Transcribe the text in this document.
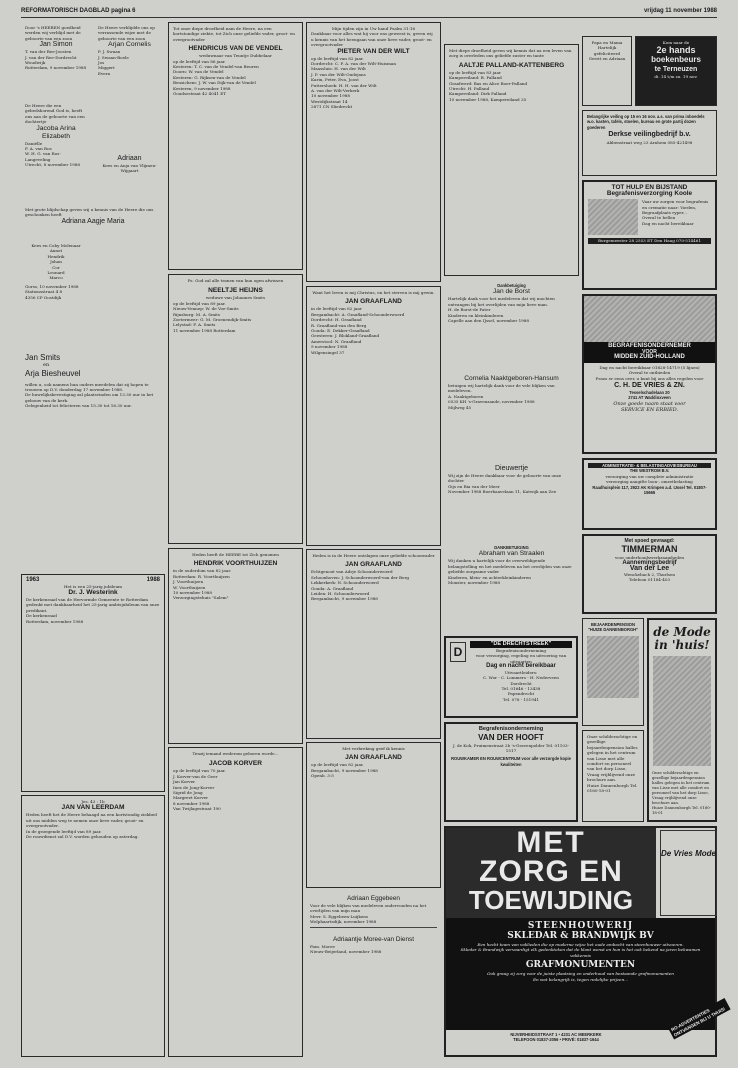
REFORMATORISCH DAGBLAD pagina 6	vrijdag 11 november 1988
Door 's HEEREN goedheid werden wij verblijd met de geboorte van een zoon
Jan Simon
T. van der Ree-Joosten
J. van der Ree-Dordrecht
Woudwijk
Rotterdam, 9 november 1988
De Heere die een gebedshorend God is, heeft ons aan de geboorte van een dochtertje
Jacoba Arina Elizabeth
Daniëlle
F. A. van Ros
W. H. G. van Ros-
Langeveling
Utrecht, 8 november 1988
Met grote blijdschap geven wij u kennis van de Heere die ons geschonken heeft
Adriana Aagje Maria
Kees en Coby Molenaar
Annet
Hendrik
Johan
Cor
Leonard
Marco
Gorss, 10 november 1988
Stationsstraat 4 8
4356 CP Oostdijk
Jan Smits
en
Arja Biesheuvel
willen u, ook namens hun ouders meedelen dat zij hopen te trouwen op D.V. donderdag 17 november 1988.
De huwelijksbevestiging zal plaatsvinden om 13.30 uur in het gebouw van de kerk.
Gelegenheid tot feliciteren van 15.30 tot 16.30 uur.
1963	1988
Het is een 25-jarig jubileum
Dr. J. Westerink
De kerkenraad van de Hervormde Gemeente te Rotterdam gedenkt met dankbaarheid het 25-jarig ambtsjubileum van onze predikant.
De kerkenraad
Rotterdam, november 1988
Jes. 43 : 1b
JAN VAN LEERDAM
Heden heeft het de Heere behaagd na een kortstondig ziekbed uit ons midden weg te nemen onze lieve vader, groot- en overgrootvader.
In de gezegende leeftijd van 89 jaar.
De rouwdienst zal D.V. worden gehouden op zaterdag.
De Heere verblijdde ons op verrassende wijze met de geboorte van een zoon
Arjan Cornelis
P. J. Swaan
J. Swaan-Boele
Jos
Miggert
Evera
Adriaan
Kees en Anja van Vlijmen-Wijgaart
Tot onze diepe droefheid nam de Heere, na een kortstondige ziekte, tot Zich onze geliefde vader, groot- en overgrootvader
HENDRICUS VAN DE VENDEL
weduwnaar van Teuntje Dubbelaar
op de leeftijd van 86 jaar.
Kesteren: T. C. van de Vendel-van Beuren
Doorn: W. van de Vendel
Kesteren: G. Rijksen-van de Vendel
Beusichem: J. W. van Dijk-van de Vendel
Kesteren, 9 november 1988
Goudsestraat 42 4041 ET
Ps. God zal alle tranen van hun ogen afwissen
NEELTJE HEIJNS
weduwe van Johannes Smits
op de leeftijd van 89 jaar.
Nieuw-Vennep: W. de Voe-Smits
Rijnsburg: M. A. Smits
Zoetermeer: G. M. Groenendijk-Smits
Lelystad: F. A. Smits
11 november 1988 Rotterdam
Heden heeft de HEERE tot Zich genomen
HENDRIK VOORTHUIJZEN
in de ouderdom van 82 jaar.
Rotterdam: R. Voorthuijzen
J. Voorthuijzen
W. Voorthuijzen
10 november 1988
Verzorgingstehuis "Salem"
Tenzij iemand wederom geboren worde...
JACOB KORVER
op de leeftijd van 70 jaar.
J. Korver-van de Geer
Jan Korver
Inez de Jong-Korver
Sigrid de Jong
Margreet Korver
8 november 1988
Van Twijlagestraat 190
Mijn tijden zijn in Uw hand Psalm 31:16
Dankbaar voor alles wat hij voor ons geweest is, geven wij u kennis van het heengaan van onze lieve vader, groot- en overgrootvader
PIETER VAN DER WILT
op de leeftijd van 82 jaar.
Dordrecht: C. P. A. van der Wilt-Huisman
Maassluis: H. van der Wilt
J. P. van der Wilt-Oudejans
Karin, Peter, Eva, Joost
Puttershoek: H. H. van der Wilt
A. van der Wilt-Verkerk
10 november 1988
Westdijkstraat 14
2871 CN Sliedrecht
Want het leven is mij Christus, en het sterven is mij gewin.
JAN GRAAFLAND
in de leeftijd van 82 jaar
Bergambacht: A. Graafland-Schoonderwoerd
Dordrecht: H. Graafland
R. Graafland-van den Berg
Gouda: E. Dekker-Graafland
Geesteren: J. Blokland-Graafland
Amerstool: N. Graafland
9 november 1988
Wilgensingel 37
Heden is in de Heere ontslapen onze geliefde schoonvader
JAN GRAAFLAND
Echtgenoot van Adrje Schoonderwoerd
Schoonhoven: J. Schoonderwoerd-van der Berg
Lekkerkerk: N. Schoonderwoerd
Gouda: A. Graafland
Leiden: H. Schoonderwoerd
Bergambacht, 9 november 1988
Met verbreking geef ik kennis
JAN GRAAFLAND
op de leeftijd van 82 jaar.
Bergambacht, 9 november 1988
Openb. 3:5
Adriaan Eggebeen
Voor de vele blijken van medeleven ondervonden na het overlijden van mijn man
Mevr. S. Eggebeen-Luijkens
Wolphaartsdijk, november 1988
Adriaantje Moree-van Dienst
Fam. Moree
Nieuw-Beijerland, november 1988
Met diepe droefheid geven wij kennis dat na een leven van zorg is overleden ons geliefde zuster en tante
AALTJE PALLAND-KATTENBERG
op de leeftijd van 83 jaar
Kampereiland: B. Palland
Graafwerd: Bas en Alice Boer-Palland
Utrecht: H. Palland
Kampereiland: Dirk Palland
10 november 1988, Kampereiland 35
Dankbetuiging
Jan de Borst
Hartelijk dank voor het medeleven dat wij mochten ontvangen bij het overlijden van mijn lieve man.
H. de Borst-de Pater
Kinderen en kleinkinderen
Capelle aan den IJssel, november 1988
Cornelia Naaktgeboren-Hansum
betuigen wij hartelijk dank voor de vele blijken van medeleven.
A. Naaktgeboren
0535 KH 's-Gravenzande, november 1988
Mijlweg 45
Dieuwertje
Wij zijn de Heere dankbaar voor de geboorte van onze dochter
Gijs en Ria van der Meer
November 1988 Boerhaavelaan 11, Katwijk aan Zee
DANKBETUIGING
Abraham van Straalen
Wij danken u hartelijk voor de overweldigende belangstelling en het medeleven na het overlijden van onze geliefde zorgzame vader
Kinderen, klein- en achterkleinkinderen
Monster, november 1988
D
"DE DRECHTSTREEK"
Begrafenisonderneming
voor verzorging, regeling en uitvoering van uitvaarten
Dag en nacht bereikbaar
Uitvaartleiders:
C. Wor - C. Lommers - H. Nederveen
Dordrecht
Tel. 01646 - 13438
Papendrecht
Tel. 078 - 151941
Begrafenisonderneming
VAN DER HOOFT
J. de Kok, Pruimenstraat 2b 's-Gravenpolder Tel. 01103-1517
ROUWKAMER EN ROUWCENTRUM voor alle verzorgde kopie kwaliteiten
Papa en Mama
Hartelijk gefeliciteerd
Gerrit en Adriaan
Kom naar de
2e hands
boekenbeurs
te Terneuzen
di. 14 t/m za. 19 nov.
Belangrijke veiling op 15 en 16 nov. a.s. van prima inboedels w.o. kasten, tafels, stoelen, bureau en grote partij dozen goederen
Derkse veilingbedrijf b.v.
Abbenstraat weg 23 Arnhem 085-421498
TOT HULP EN BIJSTAND
Begrafenisverzorging Koole
Vaar uw zorgen voor begrafenis en crematie naar: Vorden, Begraafplaats ryper...
Overal te bellen
Dag en nacht bereikbaar
Burgemeester 28 2553 ET Den Haag 070-514461
BEGRAFENISONDERNEMER
VOOR
MIDDEN ZUID-HOLLAND
Dag en nacht bereikbaar 01828-14719 (5 lijnen)
Overal te ontbieden
Prazo er eens over, u kunt bij ons alles regelen voor
C. H. DE VRIES & ZN.
Tesselschadelaan 20
2741 AT Waddinxveen
Onze goede naam staat voor
SERVICE EN ERBIED.
ADMINISTRATIE- & BELASTINGADVIESBUREAU
THE WESTROM B.V.
verzorging van uw complete administratie
verzorging aangifte loon-, omzetbelasting
Raadhuisplein 117, 2922 AK Krimpen a.d. IJssel Tel. 01807-15665
Met spoed gevraagd:
TIMMERMAN
voor onderhoudswerkzaamheden
Aannemingsbedrijf
Van der Lee
Wenckebach 2, Thurlsen
Telefoon 01184-403
BEJAARDENPENSION "HUIZE DANNENBORGH"	de Mode in 'huis!
Onze schilderachtige en gezellige bejaardenpension halles gelegen in het centrum van Lisse met alle comfort en personeel van het dorp Lisse, Vraag vrijblijvend onze brochure aan.
Huize Dannenborgh Tel. 0180-18-01
Onze schilderachtige en gezellige bejaardenpension halles gelegen in het centrum van Lisse met alle comfort en personeel van het dorp Lisse, Vraag vrijblijvend onze brochure aan.
Huize Dannenborgh Tel. 0180-18-01
MET
ZORG EN
TOEWIJDING
De Vries Mode
STEENHOUWERIJ
SKLEDAR & BRANDWIJK BV
Een hecht team van vaklieden die op moderne wijze het oude ambacht van steenhouwer uitvoeren.
Skledar & Brandwijk vervaardigt elk gedenkteken dat de klant wenst en hun is het ook bekend na jaren bekwamen vakkennis
GRAFMONUMENTEN
Ook graag zij zorg voor de juiste plaatsing en onderhoud van bestaande grafmonumenten
En wat belangrijk is, tegen redelijke prijzen...
NIJVERHEIDSSTRAAT 1 • 4231 AC MEERKERK
TELEFOON 01837-2056 • PRIVÉ: 01837-1644
RO-ADVERTENTIES ONTVANGEN BIJ U THUIS!
